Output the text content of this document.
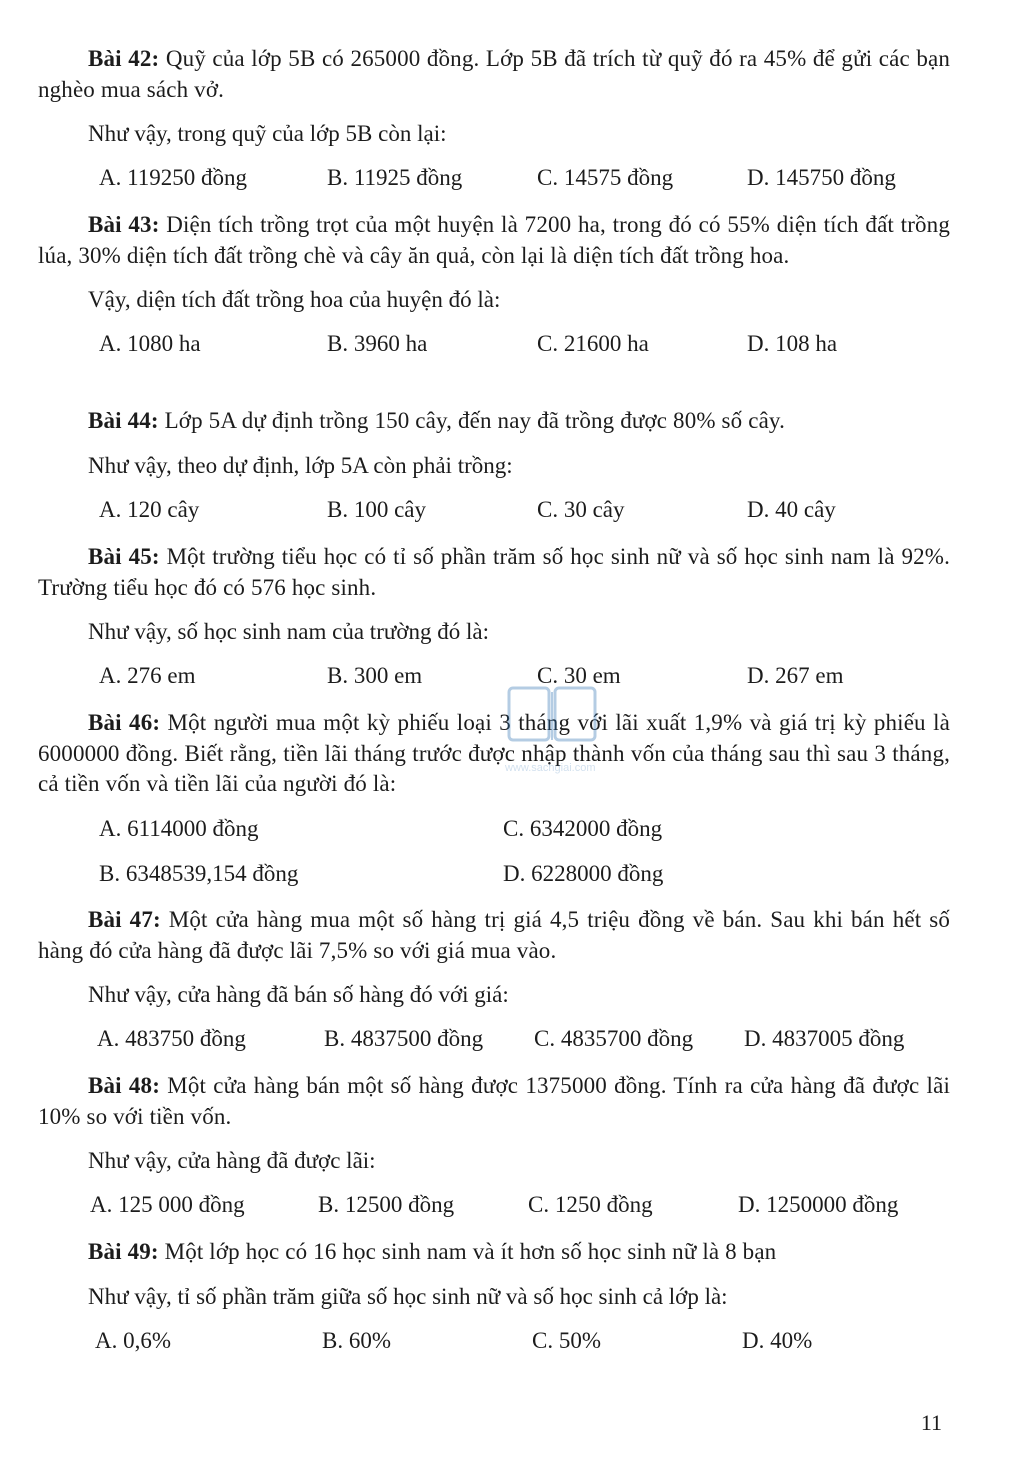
Bài 42: Quỹ của lớp 5B có 265000 đồng. Lớp 5B đã trích từ quỹ đó ra 45% để gửi các bạn nghèo mua sách vở.

Như vậy, trong quỹ của lớp 5B còn lại:

A. 119250 đồng	B. 11925 đồng	C. 14575 đồng	D. 145750 đồng

Bài 43: Diện tích trồng trọt của một huyện là 7200 ha, trong đó có 55% diện tích đất trồng lúa, 30% diện tích đất trồng chè và cây ăn quả, còn lại là diện tích đất trồng hoa.

Vậy, diện tích đất trồng hoa của huyện đó là:

A. 1080 ha	B. 3960 ha	C. 21600 ha	D. 108 ha

Bài 44: Lớp 5A dự định trồng 150 cây, đến nay đã trồng được 80% số cây.

Như vậy, theo dự định, lớp 5A còn phải trồng:

A. 120 cây	B. 100 cây	C. 30 cây	D. 40 cây

Bài 45: Một trường tiểu học có tỉ số phần trăm số học sinh nữ và số học sinh nam là 92%. Trường tiểu học đó có 576 học sinh.

Như vậy, số học sinh nam của trường đó là:

A. 276 em	B. 300 em	C. 30 em	D. 267 em

Bài 46: Một người mua một kỳ phiếu loại 3 tháng với lãi xuất 1,9% và giá trị kỳ phiếu là 6000000 đồng. Biết rằng, tiền lãi tháng trước được nhập thành vốn của tháng sau thì sau 3 tháng, cả tiền vốn và tiền lãi của người đó là:

A. 6114000 đồng	C. 6342000 đồng
B. 6348539,154 đồng	D. 6228000 đồng

Bài 47: Một cửa hàng mua một số hàng trị giá 4,5 triệu đồng về bán. Sau khi bán hết số hàng đó cửa hàng đã được lãi 7,5% so với giá mua vào.

Như vậy, cửa hàng đã bán số hàng đó với giá:

A. 483750 đồng	B. 4837500 đồng C. 4835700 đồng D. 4837005 đồng

Bài 48: Một cửa hàng bán một số hàng được 1375000 đồng. Tính ra cửa hàng đã được lãi 10% so với tiền vốn.

Như vậy, cửa hàng đã được lãi:

A. 125 000 đồng	B. 12500 đồng	C. 1250 đồng	D. 1250000 đồng

Bài 49: Một lớp học có 16 học sinh nam và ít hơn số học sinh nữ là 8 bạn

Như vậy, tỉ số phần trăm giữa số học sinh nữ và số học sinh cả lớp là:

A. 0,6%	B. 60%	C. 50%	D. 40%
www.sachgiai.com
11
